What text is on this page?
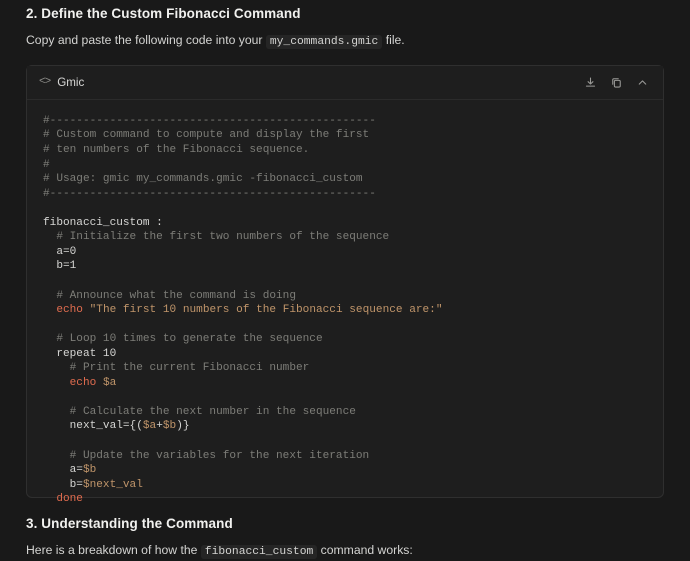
2. Define the Custom Fibonacci Command

Copy and paste the following code into your my_commands.gmic file.

<> Gmic
#-------------------------------------------------
# Custom command to compute and display the first
# ten numbers of the Fibonacci sequence.
#
# Usage: gmic my_commands.gmic -fibonacci_custom
#-------------------------------------------------

fibonacci_custom :
# Initialize the first two numbers of the sequence
a=0
b=1

# Announce what the command is doing
echo "The first 10 numbers of the Fibonacci sequence are:"

# Loop 10 times to generate the sequence
repeat 10
# Print the current Fibonacci number
echo $a

# Calculate the next number in the sequence
next_val={($a+$b)}

# Update the variables for the next iteration
a=$b
b=$next_val
done
3. Understanding the Command

Here is a breakdown of how the fibonacci_custom command works:
